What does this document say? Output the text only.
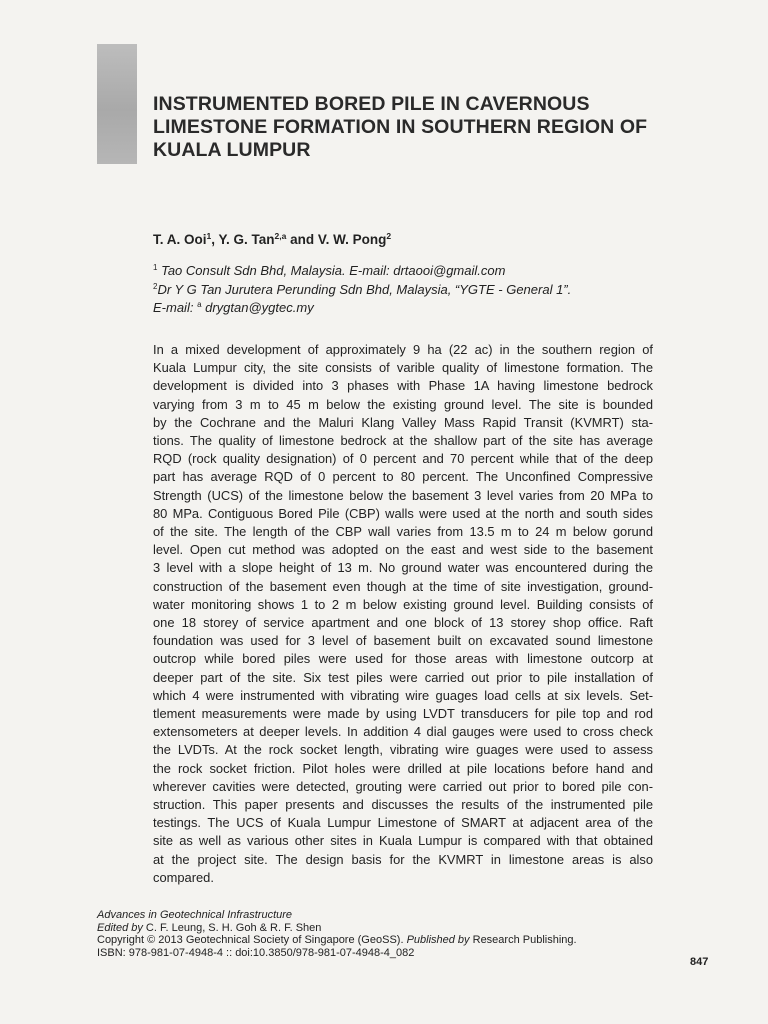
INSTRUMENTED BORED PILE IN CAVERNOUS
LIMESTONE FORMATION IN SOUTHERN REGION OF
KUALA LUMPUR
T. A. Ooi$^1$, Y. G. Tan$^{2,a}$ and V. W. Pong$^2$
$^1$ Tao Consult Sdn Bhd, Malaysia. E-mail: drtaooi@gmail.com
$^2$Dr Y G Tan Jurutera Perunding Sdn Bhd, Malaysia, “YGTE - General 1”.
E-mail: $^a$ drygtan@ygtec.my
In a mixed development of approximately 9 ha (22 ac) in the southern region of
Kuala Lumpur city, the site consists of varible quality of limestone formation. The
development is divided into 3 phases with Phase 1A having limestone bedrock
varying from 3 m to 45 m below the existing ground level. The site is bounded
by the Cochrane and the Maluri Klang Valley Mass Rapid Transit (KVMRT) sta-
tions. The quality of limestone bedrock at the shallow part of the site has average
RQD (rock quality designation) of 0 percent and 70 percent while that of the deep
part has average RQD of 0 percent to 80 percent. The Unconfined Compressive
Strength (UCS) of the limestone below the basement 3 level varies from 20 MPa to
80 MPa. Contiguous Bored Pile (CBP) walls were used at the north and south sides
of the site. The length of the CBP wall varies from 13.5 m to 24 m below gorund
level. Open cut method was adopted on the east and west side to the basement
3 level with a slope height of 13 m. No ground water was encountered during the
construction of the basement even though at the time of site investigation, ground-
water monitoring shows 1 to 2 m below existing ground level. Building consists of
one 18 storey of service apartment and one block of 13 storey shop office. Raft
foundation was used for 3 level of basement built on excavated sound limestone
outcrop while bored piles were used for those areas with limestone outcorp at
deeper part of the site. Six test piles were carried out prior to pile installation of
which 4 were instrumented with vibrating wire guages load cells at six levels. Set-
tlement measurements were made by using LVDT transducers for pile top and rod
extensometers at deeper levels. In addition 4 dial gauges were used to cross check
the LVDTs. At the rock socket length, vibrating wire guages were used to assess
the rock socket friction. Pilot holes were drilled at pile locations before hand and
wherever cavities were detected, grouting were carried out prior to bored pile con-
struction. This paper presents and discusses the results of the instrumented pile
testings. The UCS of Kuala Lumpur Limestone of SMART at adjacent area of the
site as well as various other sites in Kuala Lumpur is compared with that obtained
at the project site. The design basis for the KVMRT in limestone areas is also
compared.
Advances in Geotechnical Infrastructure
Edited by C. F. Leung, S. H. Goh & R. F. Shen
Copyright © 2013 Geotechnical Society of Singapore (GeoSS). Published by Research Publishing.
ISBN: 978-981-07-4948-4 :: doi:10.3850/978-981-07-4948-4_082
847
